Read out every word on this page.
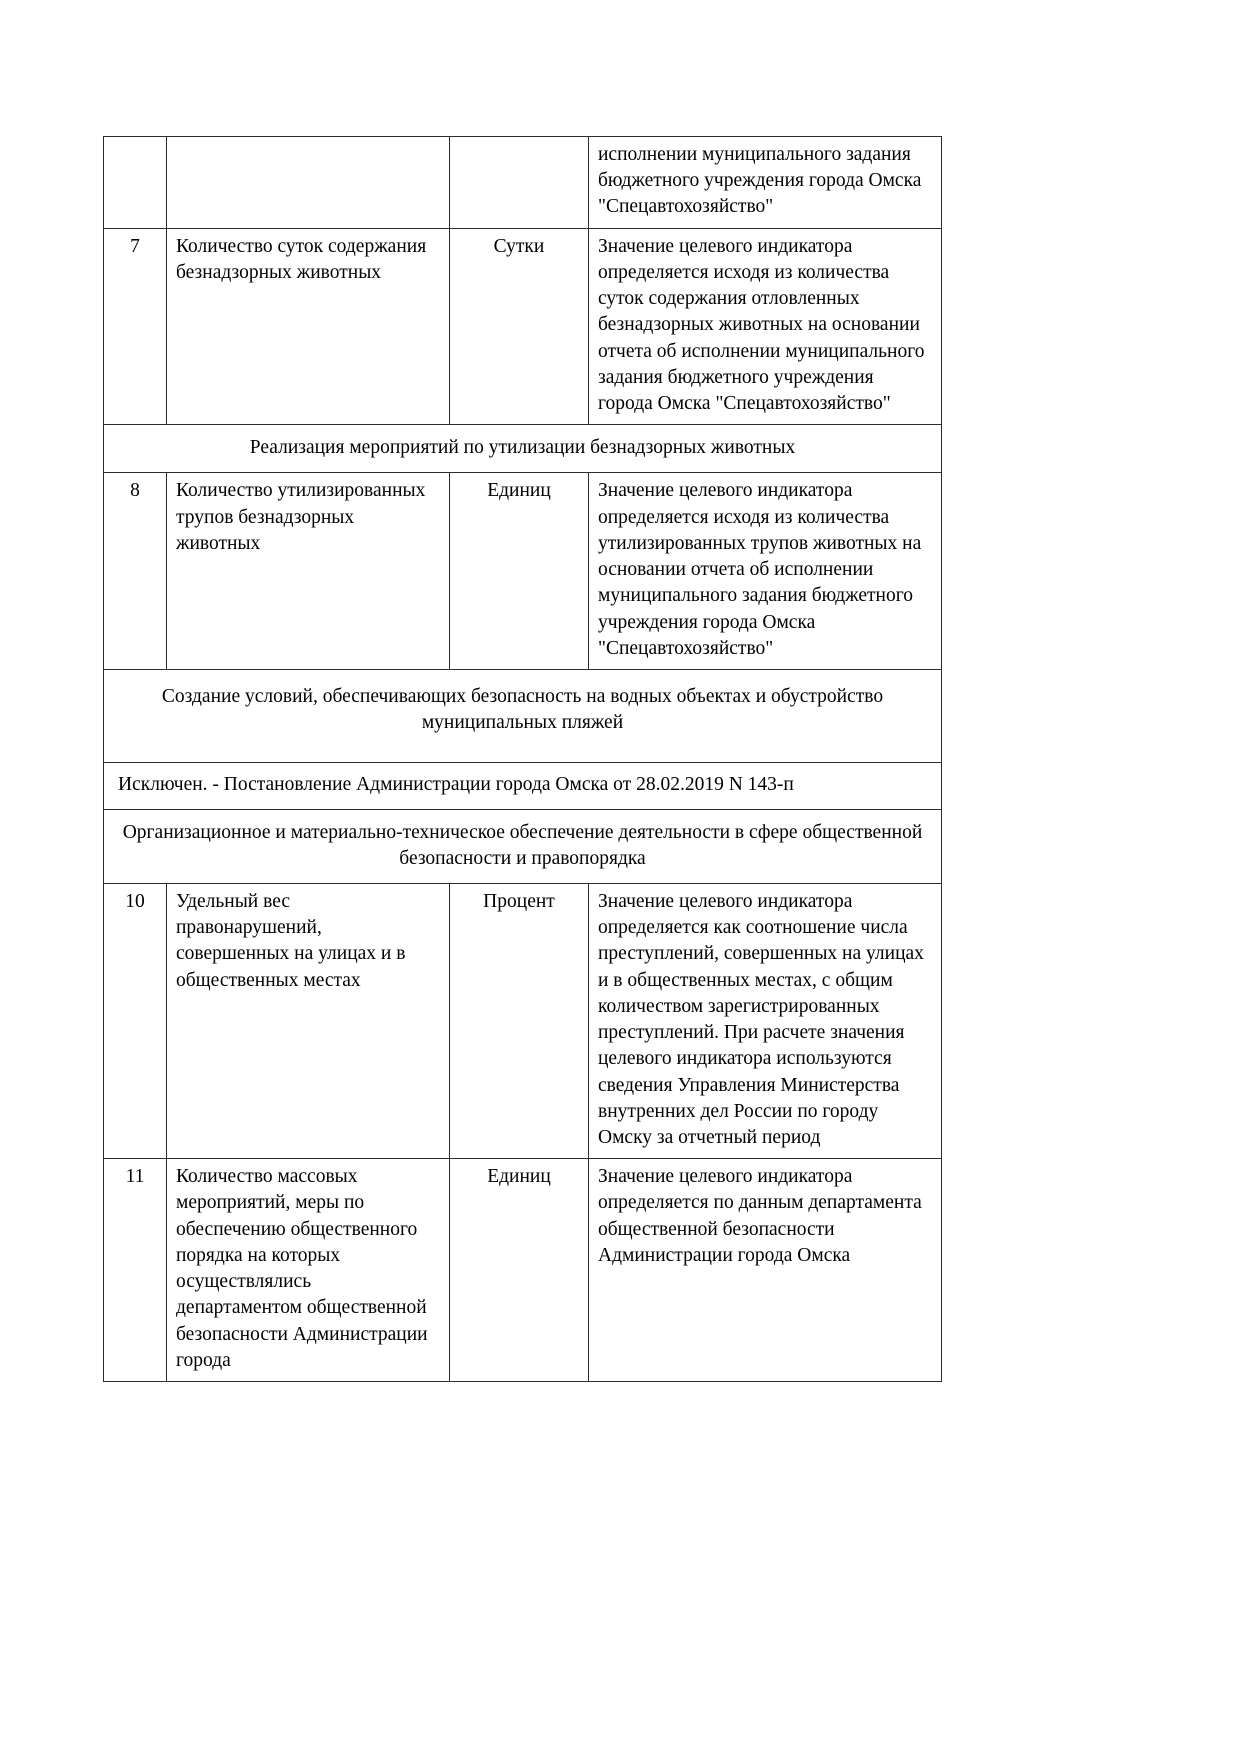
			исполнении муниципального задания бюджетного учреждения города Омска "Спецавтохозяйство"
7	Количество суток содержания безнадзорных животных	Сутки	Значение целевого индикатора определяется исходя из количества суток содержания отловленных безнадзорных животных на основании отчета об исполнении муниципального задания бюджетного учреждения города Омска "Спецавтохозяйство"
Реализация мероприятий по утилизации безнадзорных животных			
8	Количество утилизированных трупов безнадзорных животных	Единиц	Значение целевого индикатора определяется исходя из количества утилизированных трупов животных на основании отчета об исполнении муниципального задания бюджетного учреждения города Омска "Спецавтохозяйство"
Создание условий, обеспечивающих безопасность на водных объектах и обустройство муниципальных пляжей			
Исключен. - Постановление Администрации города Омска от 28.02.2019 N 143-п			
Организационное и материально-техническое обеспечение деятельности в сфере общественной безопасности и правопорядка			
10	Удельный вес правонарушений, совершенных на улицах и в общественных местах	Процент	Значение целевого индикатора определяется как соотношение числа преступлений, совершенных на улицах и в общественных местах, с общим количеством зарегистрированных преступлений. При расчете значения целевого индикатора используются сведения Управления Министерства внутренних дел России по городу Омску за отчетный период
11	Количество массовых мероприятий, меры по обеспечению общественного порядка на которых осуществлялись департаментом общественной безопасности Администрации города	Единиц	Значение целевого индикатора определяется по данным департамента общественной безопасности Администрации города Омска
